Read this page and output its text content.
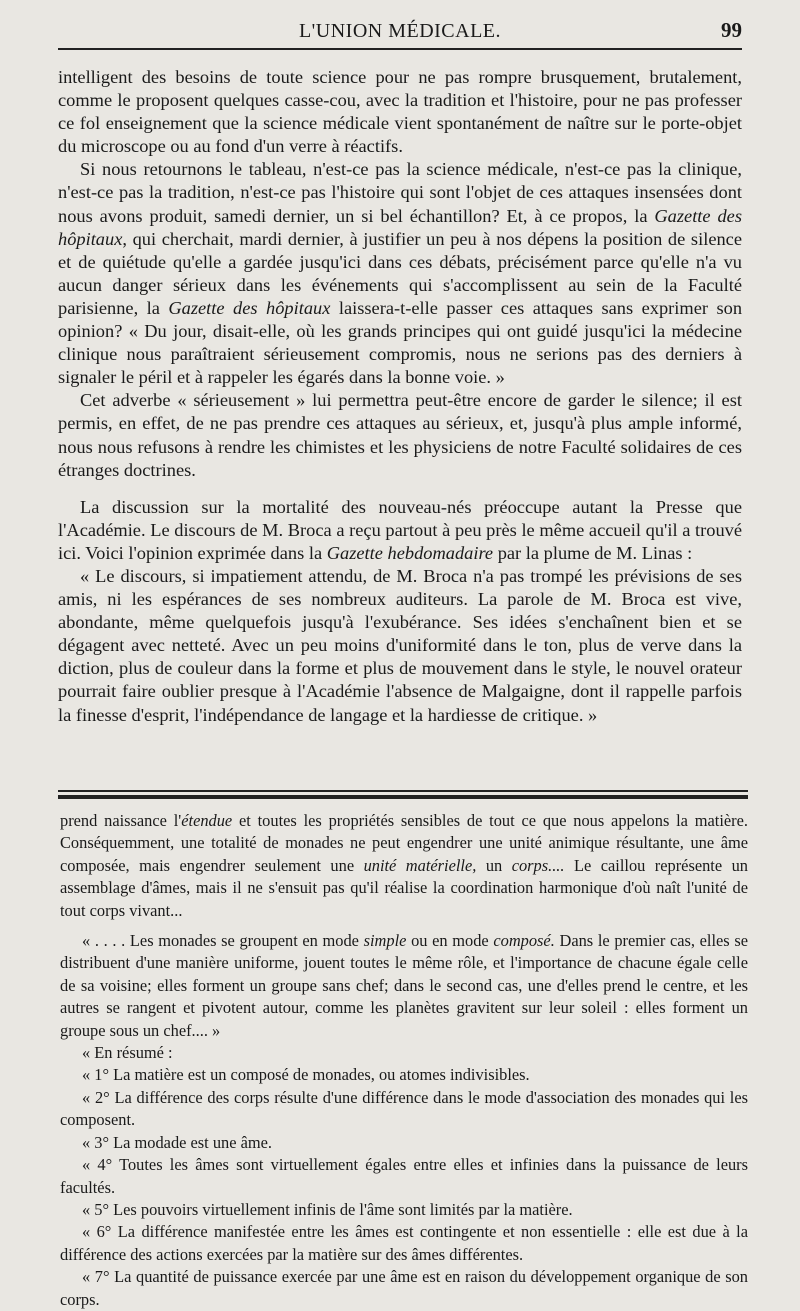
L'UNION MÉDICALE.	99

intelligent des besoins de toute science pour ne pas rompre brusquement, brutalement, comme le proposent quelques casse-cou, avec la tradition et l'histoire, pour ne pas professer ce fol enseignement que la science médicale vient spontanément de naître sur le porte-objet du microscope ou au fond d'un verre à réactifs.

Si nous retournons le tableau, n'est-ce pas la science médicale, n'est-ce pas la clinique, n'est-ce pas la tradition, n'est-ce pas l'histoire qui sont l'objet de ces attaques insensées dont nous avons produit, samedi dernier, un si bel échantillon? Et, à ce propos, la Gazette des hôpitaux, qui cherchait, mardi dernier, à justifier un peu à nos dépens la position de silence et de quiétude qu'elle a gardée jusqu'ici dans ces débats, précisément parce qu'elle n'a vu aucun danger sérieux dans les événements qui s'accomplissent au sein de la Faculté parisienne, la Gazette des hôpitaux laissera-t-elle passer ces attaques sans exprimer son opinion? « Du jour, disait-elle, où les grands principes qui ont guidé jusqu'ici la médecine clinique nous paraîtraient sérieusement compromis, nous ne serions pas des derniers à signaler le péril et à rappeler les égarés dans la bonne voie. »

Cet adverbe « sérieusement » lui permettra peut-être encore de garder le silence; il est permis, en effet, de ne pas prendre ces attaques au sérieux, et, jusqu'à plus ample informé, nous nous refusons à rendre les chimistes et les physiciens de notre Faculté solidaires de ces étranges doctrines.

La discussion sur la mortalité des nouveau-nés préoccupe autant la Presse que l'Académie. Le discours de M. Broca a reçu partout à peu près le même accueil qu'il a trouvé ici. Voici l'opinion exprimée dans la Gazette hebdomadaire par la plume de M. Linas :

« Le discours, si impatiement attendu, de M. Broca n'a pas trompé les prévisions de ses amis, ni les espérances de ses nombreux auditeurs. La parole de M. Broca est vive, abondante, même quelquefois jusqu'à l'exubérance. Ses idées s'enchaînent bien et se dégagent avec netteté. Avec un peu moins d'uniformité dans le ton, plus de verve dans la diction, plus de couleur dans la forme et plus de mouvement dans le style, le nouvel orateur pourrait faire oublier presque à l'Académie l'absence de Malgaigne, dont il rappelle parfois la finesse d'esprit, l'indépendance de langage et la hardiesse de critique. »

prend naissance l'étendue et toutes les propriétés sensibles de tout ce que nous appelons la matière. Conséquemment, une totalité de monades ne peut engendrer une unité animique résultante, une âme composée, mais engendrer seulement une unité matérielle, un corps.... Le caillou représente un assemblage d'âmes, mais il ne s'ensuit pas qu'il réalise la coordination harmonique d'où naît l'unité de tout corps vivant...

« . . . . Les monades se groupent en mode simple ou en mode composé. Dans le premier cas, elles se distribuent d'une manière uniforme, jouent toutes le même rôle, et l'importance de chacune égale celle de sa voisine; elles forment un groupe sans chef; dans le second cas, une d'elles prend le centre, et les autres se rangent et pivotent autour, comme les planètes gravitent sur leur soleil : elles forment un groupe sous un chef.... »

« En résumé :

« 1° La matière est un composé de monades, ou atomes indivisibles.

« 2° La différence des corps résulte d'une différence dans le mode d'association des monades qui les composent.

« 3° La modade est une âme.

« 4° Toutes les âmes sont virtuellement égales entre elles et infinies dans la puissance de leurs facultés.

« 5° Les pouvoirs virtuellement infinis de l'âme sont limités par la matière.

« 6° La différence manifestée entre les âmes est contingente et non essentielle : elle est due à la différence des actions exercées par la matière sur des âmes différentes.

« 7° La quantité de puissance exercée par une âme est en raison du développement organique de son corps.
